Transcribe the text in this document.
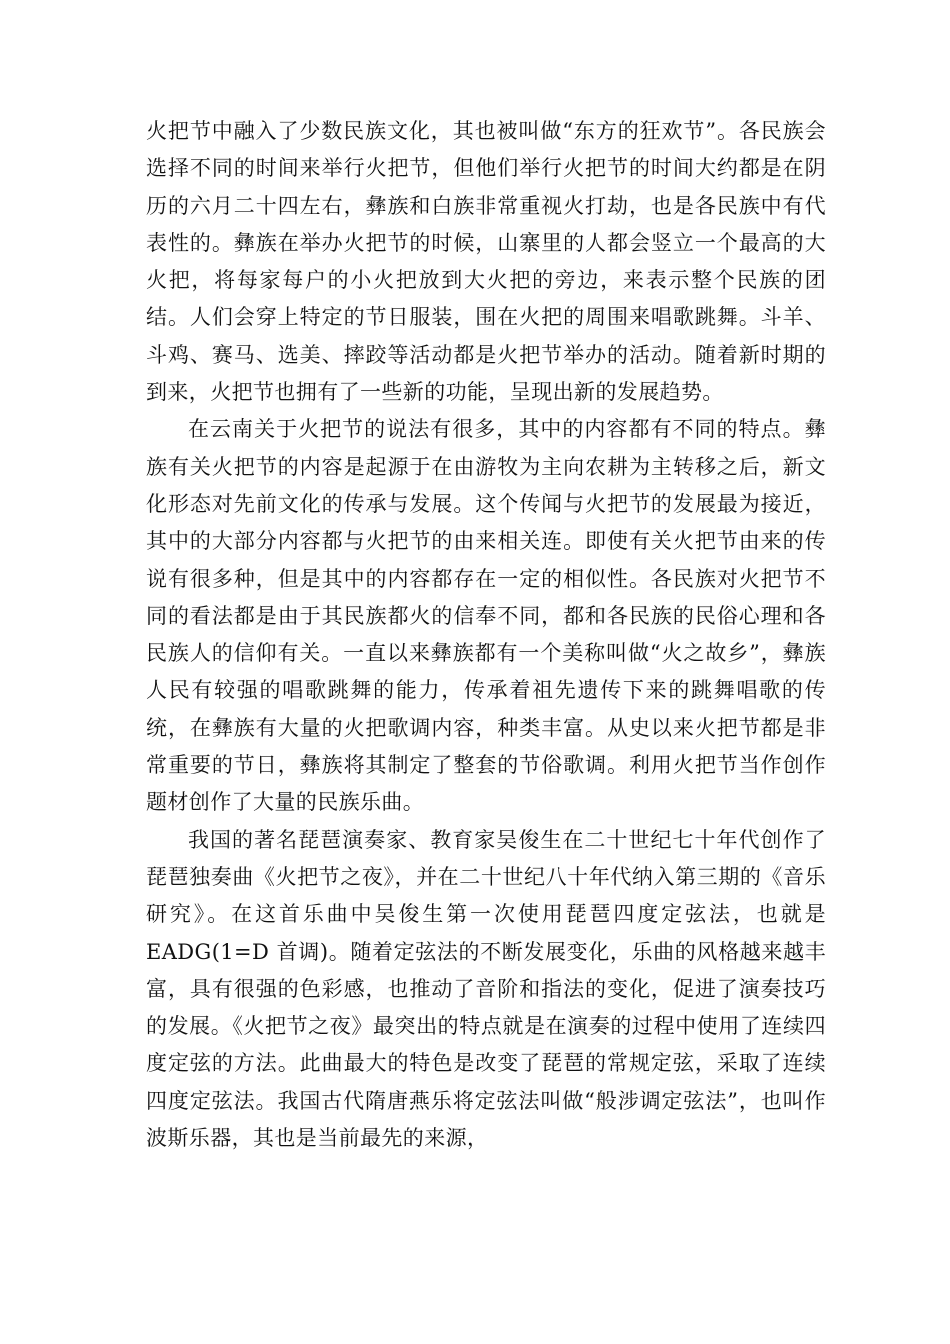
火把节中融入了少数民族文化，其也被叫做“东方的狂欢节”。各民族会选择不同的时间来举行火把节，但他们举行火把节的时间大约都是在阴历的六月二十四左右，彝族和白族非常重视火打劫，也是各民族中有代表性的。彝族在举办火把节的时候，山寨里的人都会竖立一个最高的大火把，将每家每户的小火把放到大火把的旁边，来表示整个民族的团结。人们会穿上特定的节日服装，围在火把的周围来唱歌跳舞。斗羊、斗鸡、赛马、选美、摔跤等活动都是火把节举办的活动。随着新时期的到来，火把节也拥有了一些新的功能，呈现出新的发展趋势。

在云南关于火把节的说法有很多，其中的内容都有不同的特点。彝族有关火把节的内容是起源于在由游牧为主向农耕为主转移之后，新文化形态对先前文化的传承与发展。这个传闻与火把节的发展最为接近，其中的大部分内容都与火把节的由来相关连。即使有关火把节由来的传说有很多种，但是其中的内容都存在一定的相似性。各民族对火把节不同的看法都是由于其民族都火的信奉不同，都和各民族的民俗心理和各民族人的信仰有关。一直以来彝族都有一个美称叫做“火之故乡”，彝族人民有较强的唱歌跳舞的能力，传承着祖先遗传下来的跳舞唱歌的传统，在彝族有大量的火把歌调内容，种类丰富。从史以来火把节都是非常重要的节日，彝族将其制定了整套的节俗歌调。利用火把节当作创作题材创作了大量的民族乐曲。

我国的著名琵琶演奏家、教育家吴俊生在二十世纪七十年代创作了琵琶独奏曲《火把节之夜》，并在二十世纪八十年代纳入第三期的《音乐研究》。在这首乐曲中吴俊生第一次使用琵琶四度定弦法，也就是 EADG(1=D 首调)。随着定弦法的不断发展变化，乐曲的风格越来越丰富，具有很强的色彩感，也推动了音阶和指法的变化，促进了演奏技巧的发展。《火把节之夜》最突出的特点就是在演奏的过程中使用了连续四度定弦的方法。此曲最大的特色是改变了琵琶的常规定弦，采取了连续四度定弦法。我国古代隋唐燕乐将定弦法叫做“般涉调定弦法”，也叫作波斯乐器，其也是当前最先的来源，
